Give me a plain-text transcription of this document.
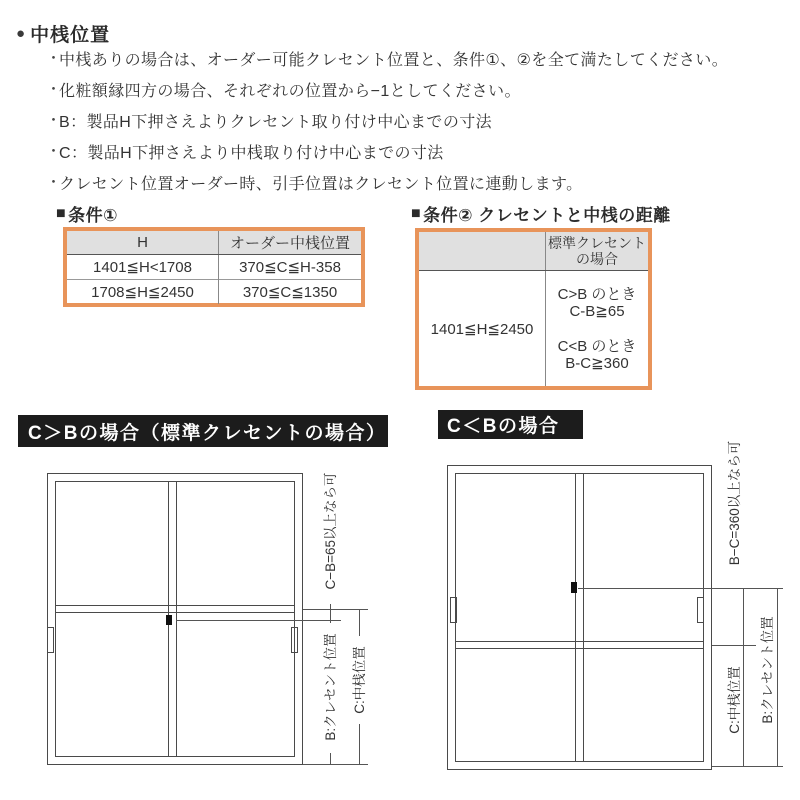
● 中桟位置
・
中桟ありの場合は、オーダー可能クレセント位置と、条件①、②を全て満たしてください。
・
化粧額縁四方の場合、それぞれの位置から−1としてください。
・
B：製品H下押さえよりクレセント取り付け中心までの寸法
・
C：製品H下押さえより中桟取り付け中心までの寸法
・
クレセント位置オーダー時、引手位置はクレセント位置に連動します。
■ 条件①
H	オーダー中桟位置
1401≦H<1708	370≦C≦H-358
1708≦H≦2450	370≦C≦1350
■ 条件② クレセントと中桟の距離
	標準クレセント
の場合
1401≦H≦2450	C>B のとき
C-B≧65
C<B のとき
B-C≧360
C＞Bの場合（標準クレセントの場合）	C＜Bの場合
C−B=65以上なら可
B:クレセント位置 C:中桟位置
B−C=360以上なら可
B:クレセント位置
C:中桟位置
